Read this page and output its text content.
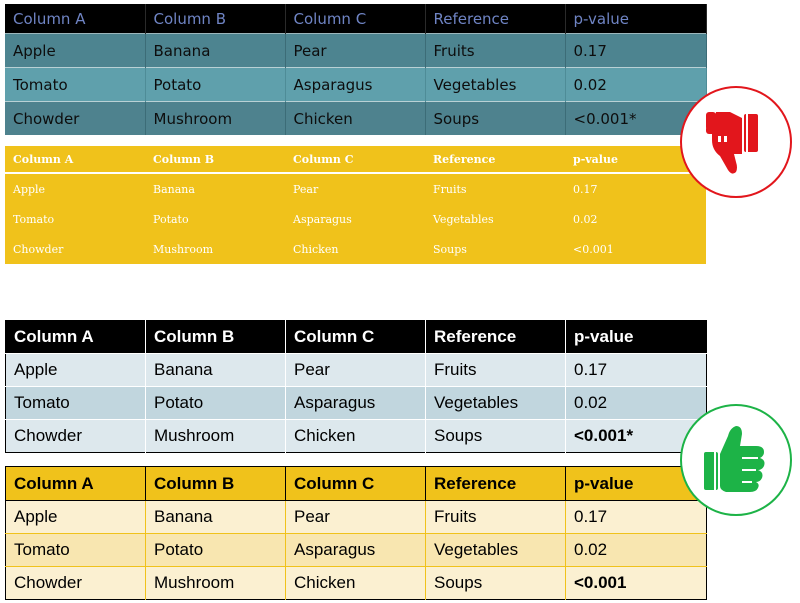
Column A	Column B	Column C	Reference	p-value
Apple	Banana	Pear	Fruits	0.17
Tomato	Potato	Asparagus	Vegetables	0.02
Chowder	Mushroom	Chicken	Soups	<0.001*
Column A	Column B	Column C	Reference	p-value
Apple	Banana	Pear	Fruits	0.17
Tomato	Potato	Asparagus	Vegetables	0.02
Chowder	Mushroom	Chicken	Soups	<0.001
Column A	Column B	Column C	Reference	p-value
Apple	Banana	Pear	Fruits	0.17
Tomato	Potato	Asparagus	Vegetables	0.02
Chowder	Mushroom	Chicken	Soups	<0.001*
Column A	Column B	Column C	Reference	p-value
Apple	Banana	Pear	Fruits	0.17
Tomato	Potato	Asparagus	Vegetables	0.02
Chowder	Mushroom	Chicken	Soups	<0.001
